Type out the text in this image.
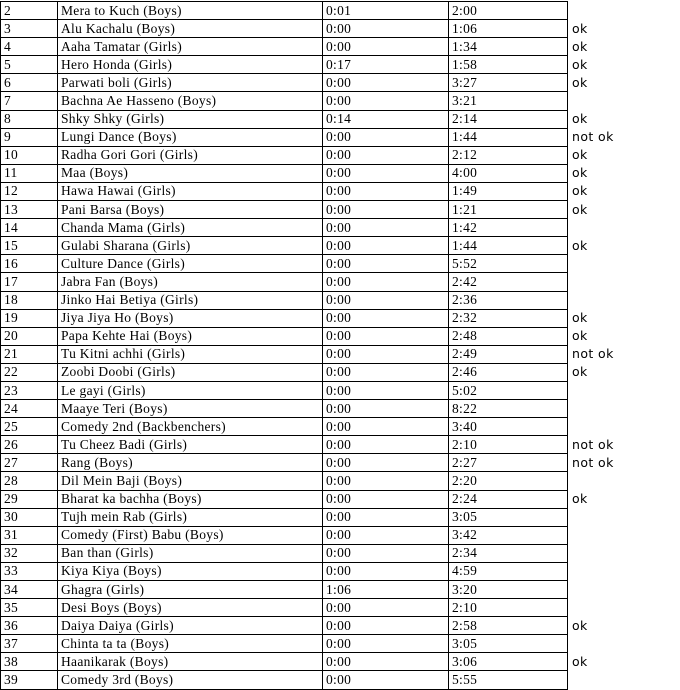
2	Mera to Kuch (Boys)	0:01	2:00	
3	Alu Kachalu (Boys)	0:00	1:06	ok
4	Aaha Tamatar (Girls)	0:00	1:34	ok
5	Hero Honda (Girls)	0:17	1:58	ok
6	Parwati boli (Girls)	0:00	3:27	ok
7	Bachna Ae Hasseno (Boys)	0:00	3:21	
8	Shky Shky (Girls)	0:14	2:14	ok
9	Lungi Dance (Boys)	0:00	1:44	not ok
10	Radha Gori Gori (Girls)	0:00	2:12	ok
11	Maa (Boys)	0:00	4:00	ok
12	Hawa Hawai (Girls)	0:00	1:49	ok
13	Pani Barsa (Boys)	0:00	1:21	ok
14	Chanda Mama (Girls)	0:00	1:42	
15	Gulabi Sharana (Girls)	0:00	1:44	ok
16	Culture Dance (Girls)	0:00	5:52	
17	Jabra Fan (Boys)	0:00	2:42	
18	Jinko Hai Betiya (Girls)	0:00	2:36	
19	Jiya Jiya Ho (Boys)	0:00	2:32	ok
20	Papa Kehte Hai (Boys)	0:00	2:48	ok
21	Tu Kitni achhi (Girls)	0:00	2:49	not ok
22	Zoobi Doobi (Girls)	0:00	2:46	ok
23	Le gayi (Girls)	0:00	5:02	
24	Maaye Teri (Boys)	0:00	8:22	
25	Comedy 2nd (Backbenchers)	0:00	3:40	
26	Tu Cheez Badi (Girls)	0:00	2:10	not ok
27	Rang (Boys)	0:00	2:27	not ok
28	Dil Mein Baji (Boys)	0:00	2:20	
29	Bharat ka bachha (Boys)	0:00	2:24	ok
30	Tujh mein Rab (Girls)	0:00	3:05	
31	Comedy (First) Babu (Boys)	0:00	3:42	
32	Ban than (Girls)	0:00	2:34	
33	Kiya Kiya (Boys)	0:00	4:59	
34	Ghagra (Girls)	1:06	3:20	
35	Desi Boys (Boys)	0:00	2:10	
36	Daiya Daiya (Girls)	0:00	2:58	ok
37	Chinta ta ta (Boys)	0:00	3:05	
38	Haanikarak (Boys)	0:00	3:06	ok
39	Comedy 3rd (Boys)	0:00	5:55	
